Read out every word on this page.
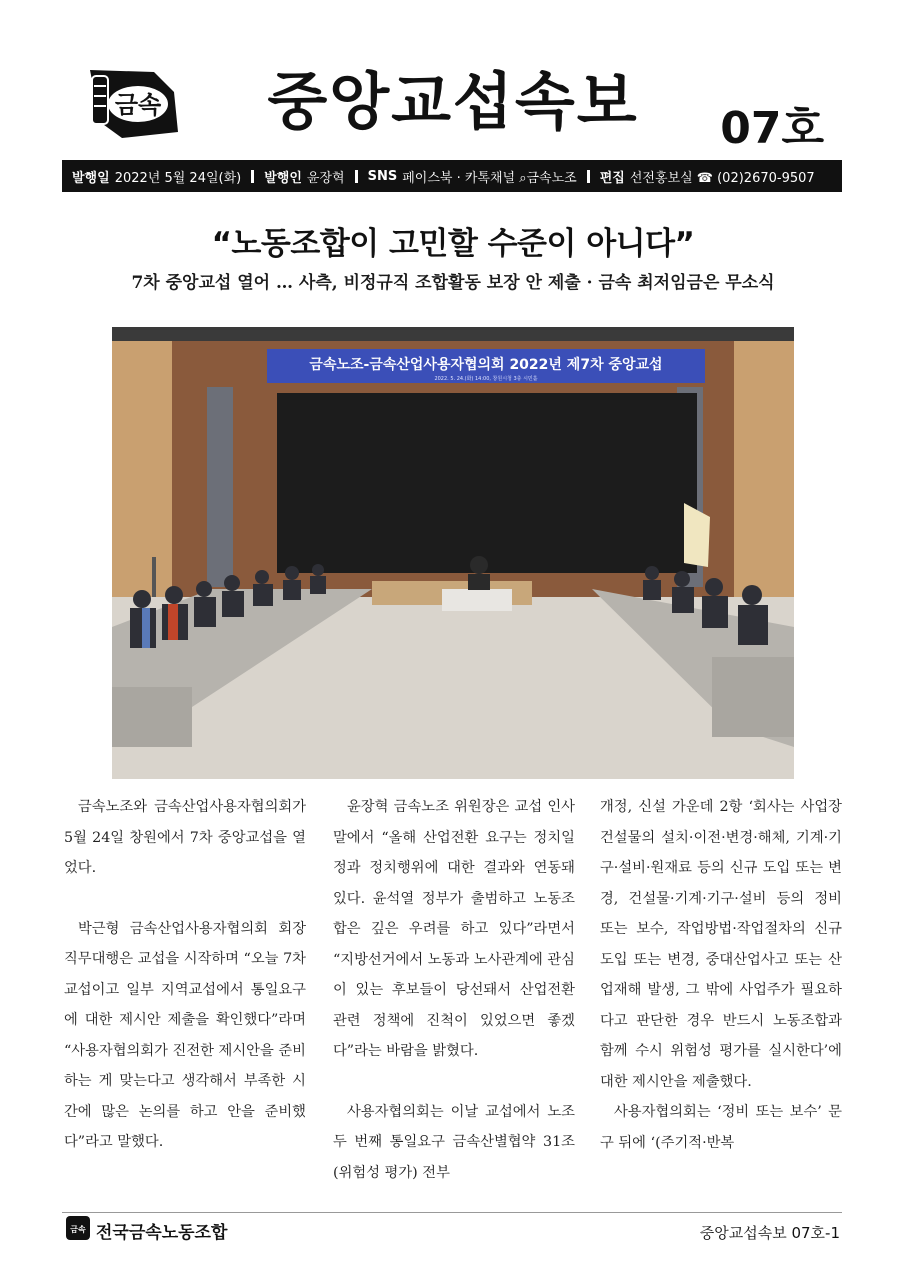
금속	중앙교섭속보	07호
발행일 2022년 5월 24일(화) 발행인 윤장혁 SNS 페이스북 · 카톡채널 ⌕금속노조 편집 선전홍보실 ☎ (02)2670-9507
“노동조합이 고민할 수준이 아니다”
7차 중앙교섭 열어 … 사측, 비정규직 조합활동 보장 안 제출 · 금속 최저임금은 무소식
금속노조-금속산업사용자협의회 2022년 제7차 중앙교섭
2022. 5. 24.(화) 14:00, 창원시청 3층 시민홀

금속노조와 금속산업사용자협의회가 5월 24일 창원에서 7차 중앙교섭을 열었다.

박근형 금속산업사용자협의회 회장 직무대행은 교섭을 시작하며 “오늘 7차 교섭이고 일부 지역교섭에서 통일요구에 대한 제시안 제출을 확인했다”라며 “사용자협의회가 진전한 제시안을 준비하는 게 맞는다고 생각해서 부족한 시간에 많은 논의를 하고 안을 준비했다”라고 말했다.

윤장혁 금속노조 위원장은 교섭 인사말에서 “올해 산업전환 요구는 정치일정과 정치행위에 대한 결과와 연동돼 있다. 윤석열 정부가 출범하고 노동조합은 깊은 우려를 하고 있다”라면서 “지방선거에서 노동과 노사관계에 관심이 있는 후보들이 당선돼서 산업전환 관련 정책에 진척이 있었으면 좋겠다”라는 바람을 밝혔다.

사용자협의회는 이날 교섭에서 노조 두 번째 통일요구 금속산별협약 31조(위험성 평가) 전부

개정, 신설 가운데 2항 ‘회사는 사업장 건설물의 설치·이전·변경·해체, 기계·기구·설비·원재료 등의 신규 도입 또는 변경, 건설물·기계·기구·설비 등의 정비 또는 보수, 작업방법·작업절차의 신규도입 또는 변경, 중대산업사고 또는 산업재해 발생, 그 밖에 사업주가 필요하다고 판단한 경우 반드시 노동조합과 함께 수시 위험성 평가를 실시한다’에 대한 제시안을 제출했다.

사용자협의회는 ‘정비 또는 보수’ 문구 뒤에 ‘(주기적·반복

금속 전국금속노동조합	중앙교섭속보 07호-1
